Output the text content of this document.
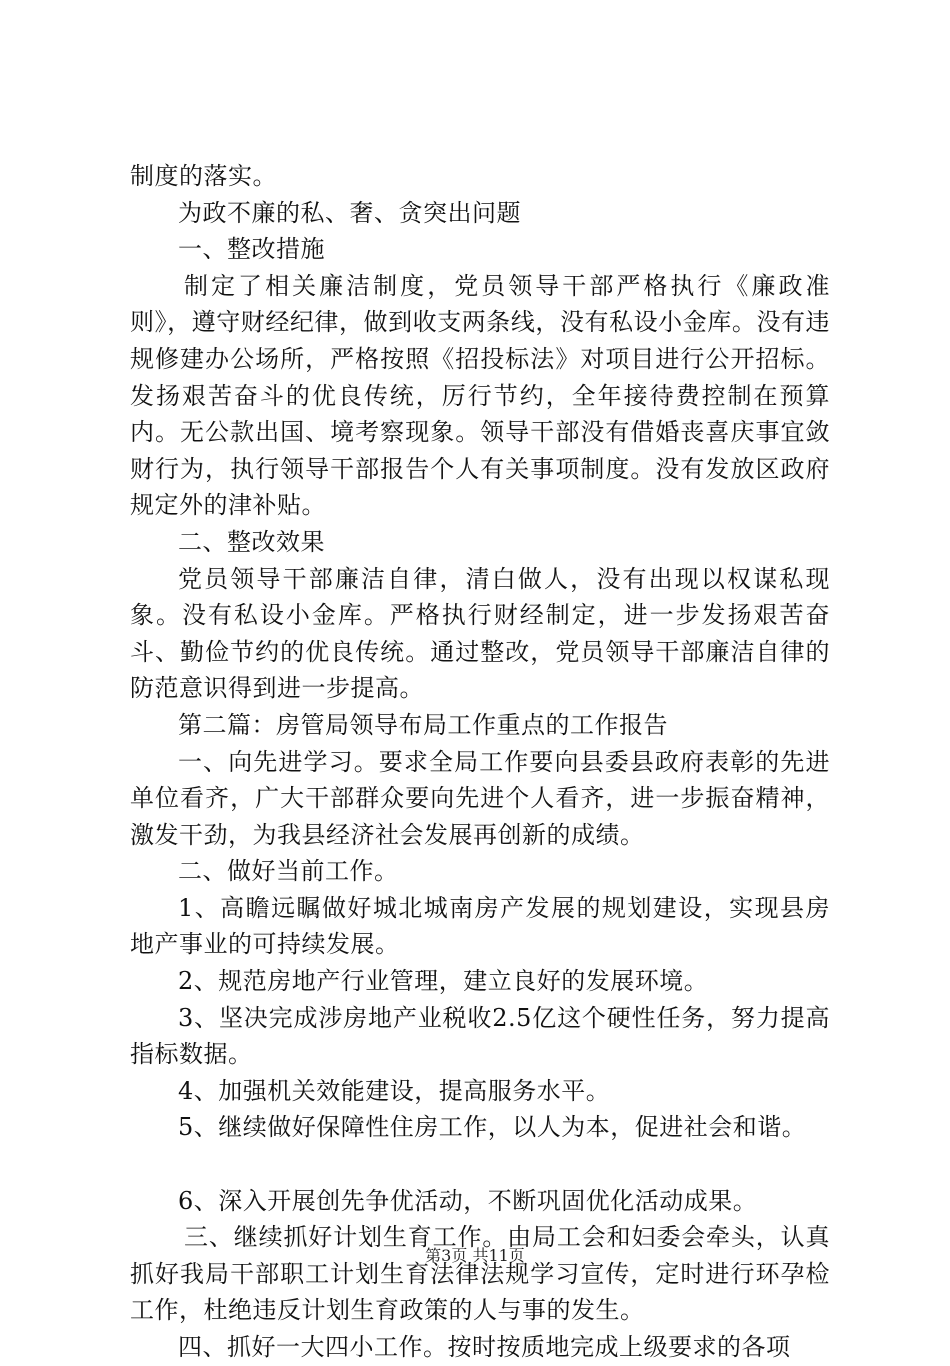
制度的落实。

为政不廉的私、奢、贪突出问题

一、整改措施

制定了相关廉洁制度，党员领导干部严格执行《廉政准则》，遵守财经纪律，做到收支两条线，没有私设小金库。没有违规修建办公场所，严格按照《招投标法》对项目进行公开招标。发扬艰苦奋斗的优良传统，厉行节约，全年接待费控制在预算内。无公款出国、境考察现象。领导干部没有借婚丧喜庆事宜敛财行为，执行领导干部报告个人有关事项制度。没有发放区政府规定外的津补贴。

二、整改效果

党员领导干部廉洁自律，清白做人，没有出现以权谋私现象。没有私设小金库。严格执行财经制定，进一步发扬艰苦奋斗、勤俭节约的优良传统。通过整改，党员领导干部廉洁自律的防范意识得到进一步提高。

第二篇：房管局领导布局工作重点的工作报告

一、向先进学习。要求全局工作要向县委县政府表彰的先进单位看齐，广大干部群众要向先进个人看齐，进一步振奋精神，激发干劲，为我县经济社会发展再创新的成绩。

二、做好当前工作。

1、高瞻远瞩做好城北城南房产发展的规划建设，实现县房地产事业的可持续发展。

2、规范房地产行业管理，建立良好的发展环境。

3、坚决完成涉房地产业税收2.5亿这个硬性任务，努力提高指标数据。

4、加强机关效能建设，提高服务水平。

5、继续做好保障性住房工作，以人为本，促进社会和谐。

6、深入开展创先争优活动，不断巩固优化活动成果。

三、继续抓好计划生育工作。由局工会和妇委会牵头，认真抓好我局干部职工计划生育法律法规学习宣传，定时进行环孕检工作，杜绝违反计划生育政策的人与事的发生。

四、抓好一大四小工作。按时按质地完成上级要求的各项

第3页 共11页
